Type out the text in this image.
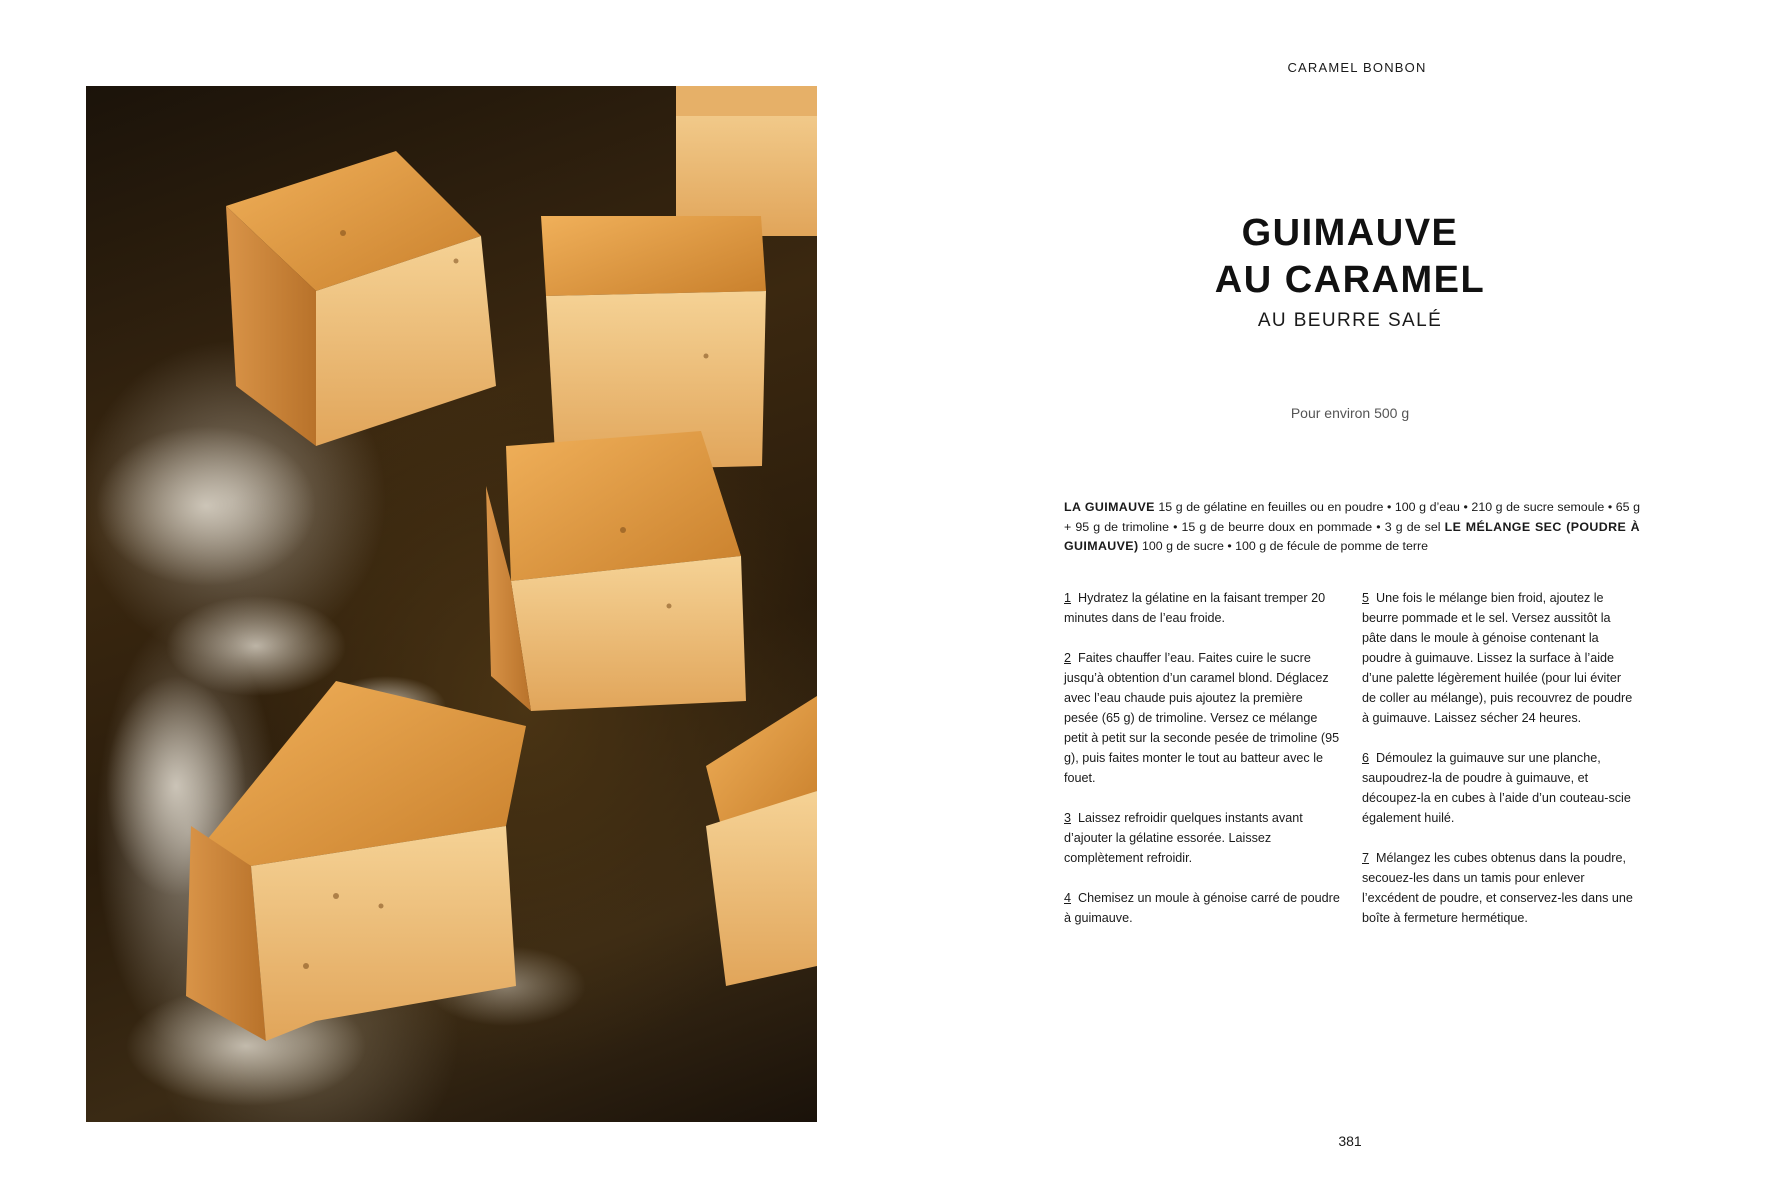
CARAMEL BONBON
GUIMAUVE
AU CARAMEL
AU BEURRE SALÉ
Pour environ 500 g
LA GUIMAUVE 15 g de gélatine en feuilles ou en poudre • 100 g d’eau • 210 g de sucre semoule • 65 g + 95 g de trimoline • 15 g de beurre doux en pommade • 3 g de sel LE MÉLANGE SEC (POUDRE À GUIMAUVE) 100 g de sucre • 100 g de fécule de pomme de terre

1 Hydratez la gélatine en la faisant tremper 20 minutes dans de l’eau froide.

2 Faites chauffer l’eau. Faites cuire le sucre jusqu’à obtention d’un caramel blond. Déglacez avec l’eau chaude puis ajoutez la première pesée (65 g) de trimoline. Versez ce mélange petit à petit sur la seconde pesée de trimoline (95 g), puis faites monter le tout au batteur avec le fouet.

3 Laissez refroidir quelques instants avant d’ajouter la gélatine essorée. Laissez complètement refroidir.

4 Chemisez un moule à génoise carré de poudre à guimauve.

5 Une fois le mélange bien froid, ajoutez le beurre pommade et le sel. Versez aussitôt la pâte dans le moule à génoise contenant la poudre à guimauve. Lissez la surface à l’aide d’une palette légèrement huilée (pour lui éviter de coller au mélange), puis recouvrez de poudre à guimauve. Laissez sécher 24 heures.

6 Démoulez la guimauve sur une planche, saupoudrez-la de poudre à guimauve, et découpez-la en cubes à l’aide d’un couteau-scie également huilé.

7 Mélangez les cubes obtenus dans la poudre, secouez-les dans un tamis pour enlever l’excédent de poudre, et conservez-les dans une boîte à fermeture hermétique.

381
